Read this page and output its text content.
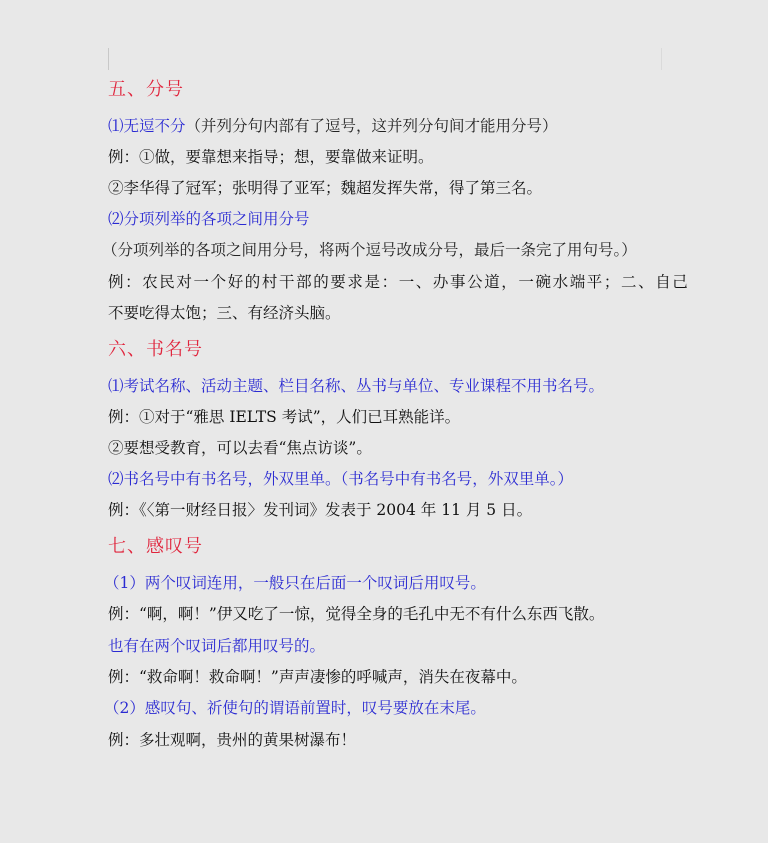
五、分号
⑴无逗不分（并列分句内部有了逗号，这并列分句间才能用分号）
例：①做，要靠想来指导；想，要靠做来证明。
②李华得了冠军；张明得了亚军；魏超发挥失常，得了第三名。
⑵分项列举的各项之间用分号
（分项列举的各项之间用分号，将两个逗号改成分号，最后一条完了用句号。）
例：农民对一个好的村干部的要求是：一、办事公道，一碗水端平；二、自己
不要吃得太饱；三、有经济头脑。
六、书名号
⑴考试名称、活动主题、栏目名称、丛书与单位、专业课程不用书名号。
例：①对于“雅思 IELTS 考试”，人们已耳熟能详。
②要想受教育，可以去看“焦点访谈”。
⑵书名号中有书名号，外双里单。（书名号中有书名号，外双里单。）
例：《〈第一财经日报〉发刊词》发表于 2004 年 11 月 5 日。
七、感叹号
（1）两个叹词连用，一般只在后面一个叹词后用叹号。
例：“啊，啊！”伊又吃了一惊，觉得全身的毛孔中无不有什么东西飞散。
也有在两个叹词后都用叹号的。
例：“救命啊！救命啊！”声声凄惨的呼喊声，消失在夜幕中。
（2）感叹句、祈使句的谓语前置时，叹号要放在末尾。
例：多壮观啊，贵州的黄果树瀑布！
